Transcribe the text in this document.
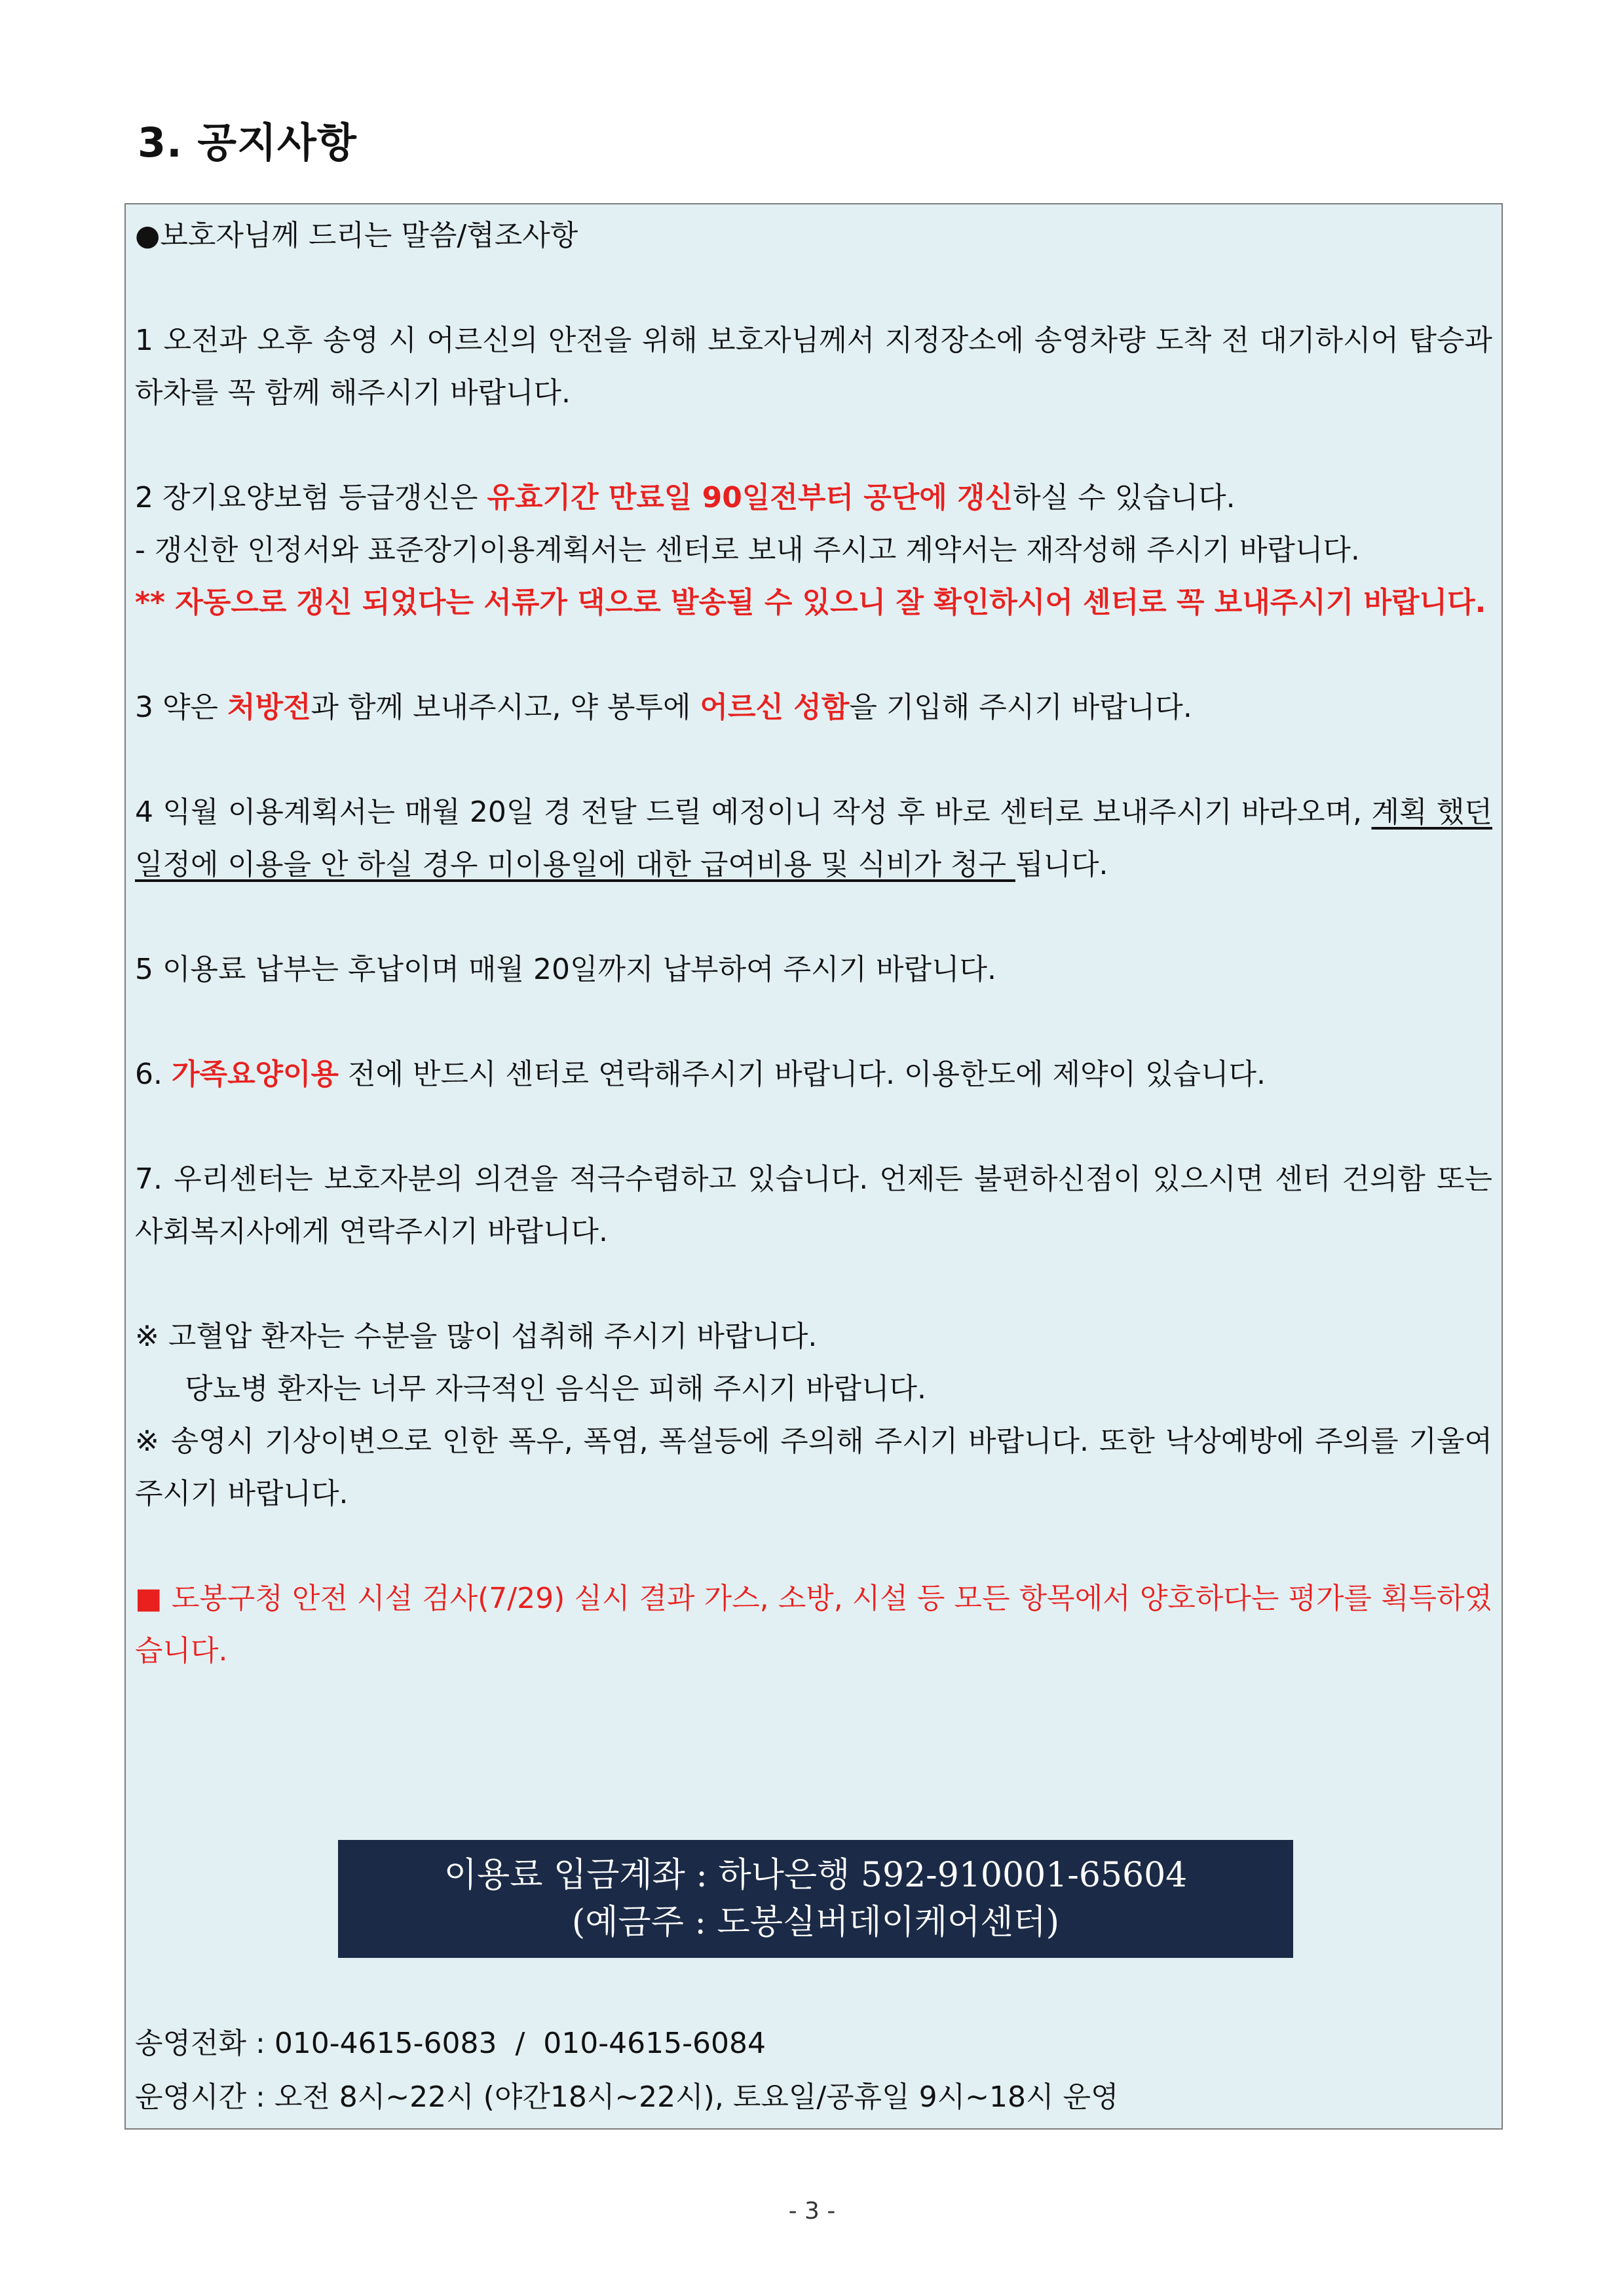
3. 공지사항

●보호자님께 드리는 말씀/협조사항

1 오전과 오후 송영 시 어르신의 안전을 위해 보호자님께서 지정장소에 송영차량 도착 전 대기하시어 탑승과 하차를 꼭 함께 해주시기 바랍니다.

2 장기요양보험 등급갱신은 유효기간 만료일 90일전부터 공단에 갱신하실 수 있습니다.

- 갱신한 인정서와 표준장기이용계획서는 센터로 보내 주시고 계약서는 재작성해 주시기 바랍니다.

** 자동으로 갱신 되었다는 서류가 댁으로 발송될 수 있으니 잘 확인하시어 센터로 꼭 보내주시기 바랍니다.

3 약은 처방전과 함께 보내주시고, 약 봉투에 어르신 성함을 기입해 주시기 바랍니다.

4 익월 이용계획서는 매월 20일 경 전달 드릴 예정이니 작성 후 바로 센터로 보내주시기 바라오며, 계획 했던 일정에 이용을 안 하실 경우 미이용일에 대한 급여비용 및 식비가 청구 됩니다.

5 이용료 납부는 후납이며 매월 20일까지 납부하여 주시기 바랍니다.

6. 가족요양이용 전에 반드시 센터로 연락해주시기 바랍니다. 이용한도에 제약이 있습니다.

7. 우리센터는 보호자분의 의견을 적극수렴하고 있습니다. 언제든 불편하신점이 있으시면 센터 건의함 또는 사회복지사에게 연락주시기 바랍니다.

※ 고혈압 환자는 수분을 많이 섭취해 주시기 바랍니다.

당뇨병 환자는 너무 자극적인 음식은 피해 주시기 바랍니다.

※ 송영시 기상이변으로 인한 폭우, 폭염, 폭설등에 주의해 주시기 바랍니다. 또한 낙상예방에 주의를 기울여주시기 바랍니다.

■ 도봉구청 안전 시설 검사(7/29) 실시 결과 가스, 소방, 시설 등 모든 항목에서 양호하다는 평가를 획득하였습니다.

이용료 입금계좌 : 하나은행 592-910001-65604
(예금주 : 도봉실버데이케어센터)

송영전화 : 010-4615-6083  /  010-4615-6084

운영시간 : 오전 8시~22시 (야간18시~22시), 토요일/공휴일 9시~18시 운영

- 3 -
